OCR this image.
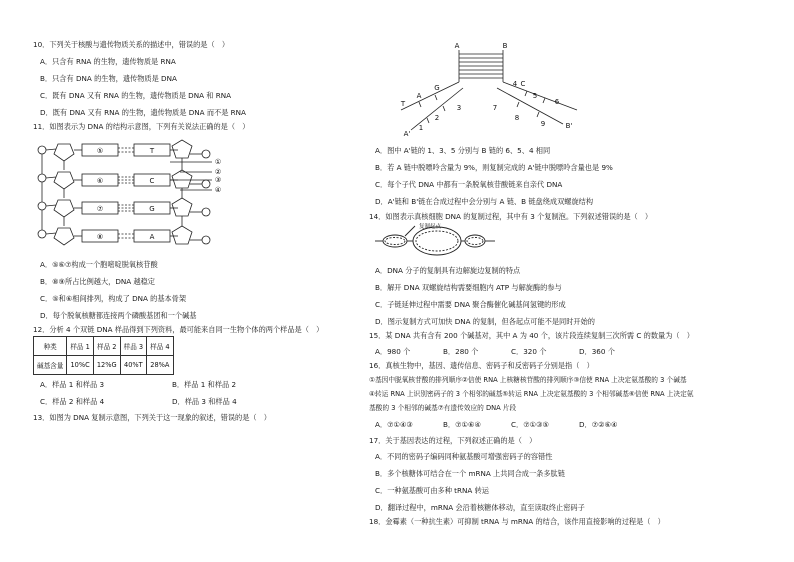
10．下列关于核酸与遗传物质关系的描述中，错误的是（　）
A．只含有 RNA 的生物，遗传物质是 RNA
B．只含有 DNA 的生物，遗传物质是 DNA
C．既有 DNA 又有 RNA 的生物，遗传物质是 DNA 和 RNA
D．既有 DNA 又有 RNA 的生物，遗传物质是 DNA 而不是 RNA
11．如图表示为 DNA 的结构示意图，下列有关说法正确的是（　）
⑤
⑥
⑦
⑧
T
C
G
A
①
②
③
④
A．⑤⑥⑦构成一个胞嘧啶脱氧核苷酸
B．⑧⑨所占比例越大，DNA 越稳定
C．⑤和⑥相间排列，构成了 DNA 的基本骨架
D．每个脱氧核糖都连接两个磷酸基团和一个碱基
12．分析 4 个双链 DNA 样品得到下列资料，最可能来自同一生物个体的两个样品是（　）
种类	样品 1	样品 2	样品 3	样品 4
碱基含量	10%C	12%G	40%T	28%A
A．样品 1 和样品 3	B．样品 1 和样品 2
C．样品 2 和样品 4	D．样品 3 和样品 4
13．如图为 DNA 复制示意图，下列关于这一现象的叙述，错误的是（　）
A	B
T
A
G	C
4
5
6
7
8
9
1
2
3
A'
B'
A．图中 A'链的 1、3、5 分别与 B 链的 6、5、4 相同
B．若 A 链中脱嘌呤含量为 9%，则复制完成的 A'链中脱嘌呤含量也是 9%
C．每个子代 DNA 中都有一条脱氧核苷酸链来自亲代 DNA
D．A'链和 B'链在合成过程中会分别与 A 链、B 链盘绕成双螺旋结构
14．如图表示真核细胞 DNA 的复制过程，其中有 3 个复制泡。下列叙述错误的是（　）
复制起点
A．DNA 分子的复制具有边解旋边复制的特点
B．解开 DNA 双螺旋结构需要细胞内 ATP 与解旋酶的参与
C．子链延伸过程中需要 DNA 聚合酶催化碱基间氢键的形成
D．图示复制方式可加快 DNA 的复制，但各起点可能不是同时开始的
15．某 DNA 共有含有 200 个碱基对，其中 A 为 40 个，该片段连续复制三次所需 C 的数量为（　）
A．980 个	B．280 个	C．320 个	D．360 个
16．真核生物中，基因、遗传信息、密码子和反密码子分别是指（　）
①基因中脱氧核苷酸的排列顺序②信使 RNA 上核糖核苷酸的排列顺序③信使 RNA 上决定氨基酸的 3 个碱基
④转运 RNA 上识别密码子的 3 个相邻的碱基⑤转运 RNA 上决定氨基酸的 3 个相邻碱基⑥信使 RNA 上决定氨
基酸的 3 个相邻的碱基⑦有遗传效应的 DNA 片段
A．⑦①④③	B．⑦①⑥④	C．⑦①③⑤	D．⑦②⑥④
17．关于基因表达的过程，下列叙述正确的是（　）
A．不同的密码子编码同种氨基酸可增强密码子的容错性
B．多个核糖体可结合在一个 mRNA 上共同合成一条多肽链
C．一种氨基酸可由多种 tRNA 转运
D．翻译过程中，mRNA 会沿着核糖体移动，直至读取终止密码子
18．金霉素（一种抗生素）可抑制 tRNA 与 mRNA 的结合，该作用直接影响的过程是（　）
